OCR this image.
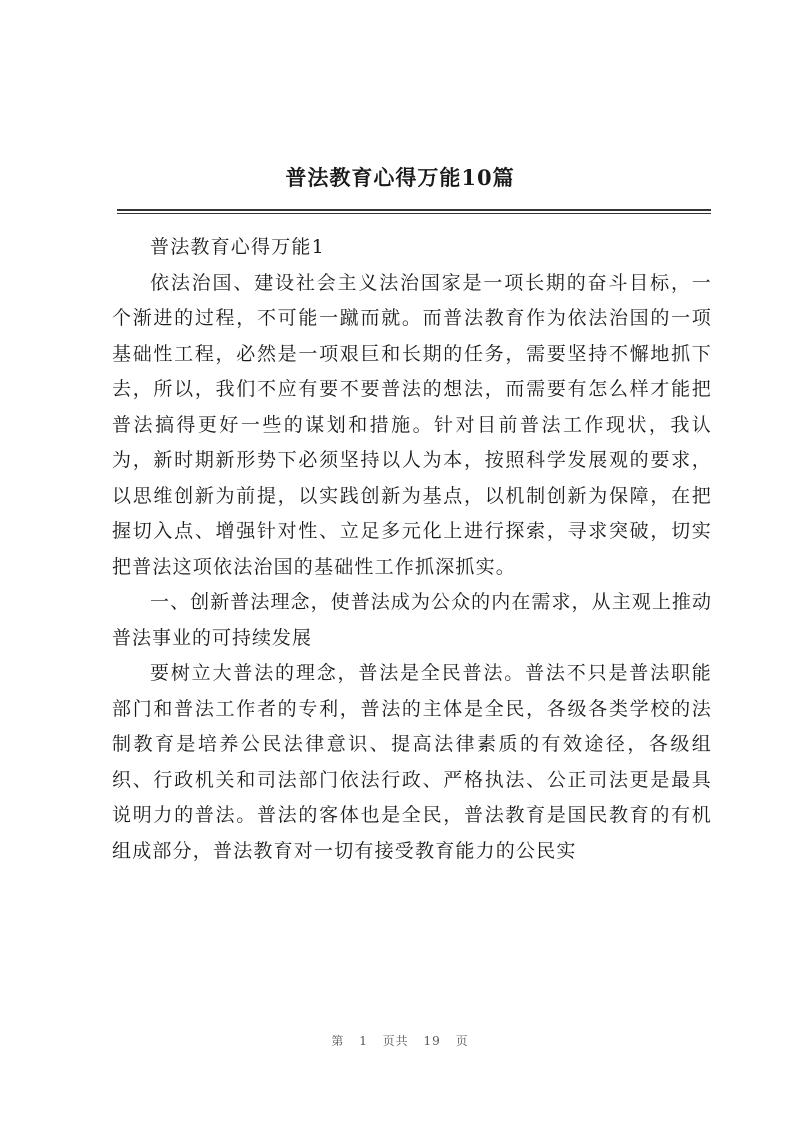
普法教育心得万能10篇

普法教育心得万能1

依法治国、建设社会主义法治国家是一项长期的奋斗目标，一个渐进的过程，不可能一蹴而就。而普法教育作为依法治国的一项基础性工程，必然是一项艰巨和长期的任务，需要坚持不懈地抓下去，所以，我们不应有要不要普法的想法，而需要有怎么样才能把普法搞得更好一些的谋划和措施。针对目前普法工作现状，我认为，新时期新形势下必须坚持以人为本，按照科学发展观的要求，以思维创新为前提，以实践创新为基点，以机制创新为保障，在把握切入点、增强针对性、立足多元化上进行探索，寻求突破，切实把普法这项依法治国的基础性工作抓深抓实。

一、创新普法理念，使普法成为公众的内在需求，从主观上推动普法事业的可持续发展

要树立大普法的理念，普法是全民普法。普法不只是普法职能部门和普法工作者的专利，普法的主体是全民，各级各类学校的法制教育是培养公民法律意识、提高法律素质的有效途径，各级组织、行政机关和司法部门依法行政、严格执法、公正司法更是最具说明力的普法。普法的客体也是全民，普法教育是国民教育的有机组成部分，普法教育对一切有接受教育能力的公民实

第 1 页共 19 页
